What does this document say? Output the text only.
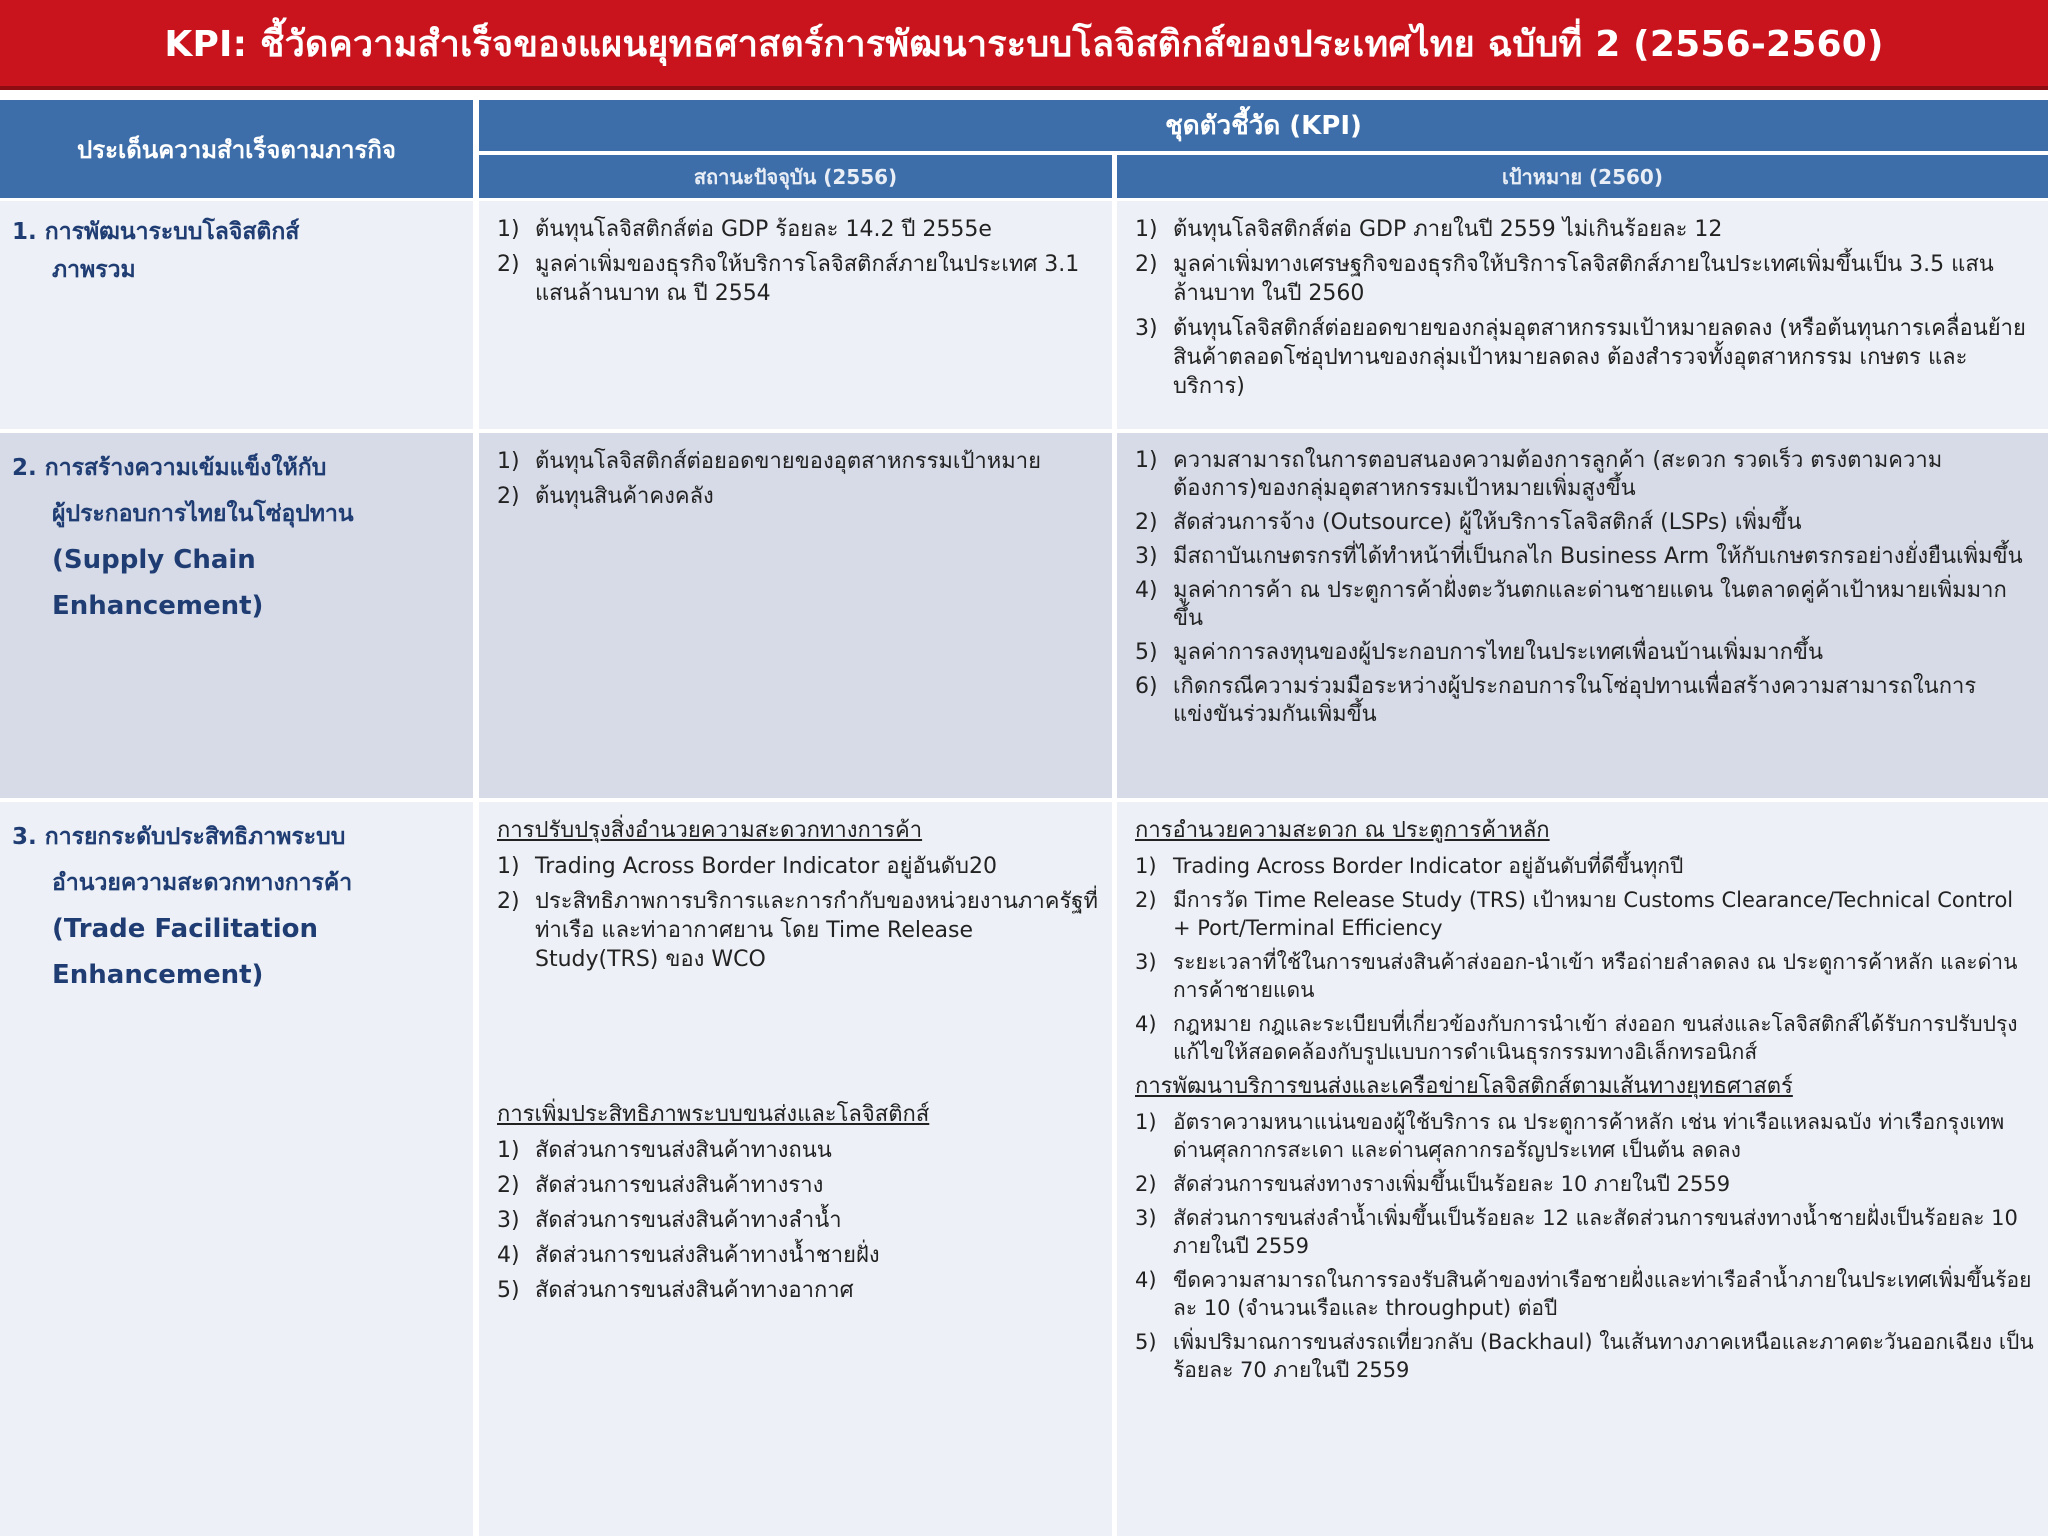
KPI: ชี้วัดความสำเร็จของแผนยุทธศาสตร์การพัฒนาระบบโลจิสติกส์ของประเทศไทย ฉบับที่ 2 (2556-2560)
ประเด็นความสำเร็จตามภารกิจ
ชุดตัวชี้วัด (KPI)
สถานะปัจจุบัน (2556)	เป้าหมาย (2560)
1. การพัฒนาระบบโลจิสติกส์
ภาพรวม
1) ต้นทุนโลจิสติกส์ต่อ GDP ร้อยละ 14.2 ปี 2555e
2) มูลค่าเพิ่มของธุรกิจให้บริการโลจิสติกส์ภายในประเทศ 3.1 แสนล้านบาท ณ ปี 2554
1) ต้นทุนโลจิสติกส์ต่อ GDP ภายในปี 2559 ไม่เกินร้อยละ 12
2) มูลค่าเพิ่มทางเศรษฐกิจของธุรกิจให้บริการโลจิสติกส์ภายในประเทศเพิ่มขึ้นเป็น 3.5 แสนล้านบาท ในปี 2560
3) ต้นทุนโลจิสติกส์ต่อยอดขายของกลุ่มอุตสาหกรรมเป้าหมายลดลง (หรือต้นทุนการเคลื่อนย้ายสินค้าตลอดโซ่อุปทานของกลุ่มเป้าหมายลดลง ต้องสำรวจทั้งอุตสาหกรรม เกษตร และบริการ)
2. การสร้างความเข้มแข็งให้กับ
ผู้ประกอบการไทยในโซ่อุปทาน
(Supply Chain
Enhancement)
1) ต้นทุนโลจิสติกส์ต่อยอดขายของอุตสาหกรรมเป้าหมาย
2) ต้นทุนสินค้าคงคลัง
1) ความสามารถในการตอบสนองความต้องการลูกค้า (สะดวก รวดเร็ว ตรงตามความต้องการ)ของกลุ่มอุตสาหกรรมเป้าหมายเพิ่มสูงขึ้น
2) สัดส่วนการจ้าง (Outsource) ผู้ให้บริการโลจิสติกส์ (LSPs) เพิ่มขึ้น
3) มีสถาบันเกษตรกรที่ได้ทำหน้าที่เป็นกลไก Business Arm ให้กับเกษตรกรอย่างยั่งยืนเพิ่มขึ้น
4) มูลค่าการค้า ณ ประตูการค้าฝั่งตะวันตกและด่านชายแดน ในตลาดคู่ค้าเป้าหมายเพิ่มมากขึ้น
5) มูลค่าการลงทุนของผู้ประกอบการไทยในประเทศเพื่อนบ้านเพิ่มมากขึ้น
6) เกิดกรณีความร่วมมือระหว่างผู้ประกอบการในโซ่อุปทานเพื่อสร้างความสามารถในการแข่งขันร่วมกันเพิ่มขึ้น
3. การยกระดับประสิทธิภาพระบบ
อำนวยความสะดวกทางการค้า
(Trade Facilitation
Enhancement)
การปรับปรุงสิ่งอำนวยความสะดวกทางการค้า
1) Trading Across Border Indicator อยู่อันดับ20
2) ประสิทธิภาพการบริการและการกำกับของหน่วยงานภาครัฐที่ท่าเรือ และท่าอากาศยาน โดย Time Release Study(TRS) ของ WCO
การเพิ่มประสิทธิภาพระบบขนส่งและโลจิสติกส์
1) สัดส่วนการขนส่งสินค้าทางถนน
2) สัดส่วนการขนส่งสินค้าทางราง
3) สัดส่วนการขนส่งสินค้าทางลำน้ำ
4) สัดส่วนการขนส่งสินค้าทางน้ำชายฝั่ง
5) สัดส่วนการขนส่งสินค้าทางอากาศ
การอำนวยความสะดวก ณ ประตูการค้าหลัก
1) Trading Across Border Indicator อยู่อันดับที่ดีขึ้นทุกปี
2) มีการวัด Time Release Study (TRS) เป้าหมาย Customs Clearance/Technical Control + Port/Terminal Efficiency
3) ระยะเวลาที่ใช้ในการขนส่งสินค้าส่งออก-นำเข้า หรือถ่ายลำลดลง ณ ประตูการค้าหลัก และด่านการค้าชายแดน
4) กฎหมาย กฎและระเบียบที่เกี่ยวข้องกับการนำเข้า ส่งออก ขนส่งและโลจิสติกส์ได้รับการปรับปรุงแก้ไขให้สอดคล้องกับรูปแบบการดำเนินธุรกรรมทางอิเล็กทรอนิกส์
การพัฒนาบริการขนส่งและเครือข่ายโลจิสติกส์ตามเส้นทางยุทธศาสตร์
1) อัตราความหนาแน่นของผู้ใช้บริการ ณ ประตูการค้าหลัก เช่น ท่าเรือแหลมฉบัง ท่าเรือกรุงเทพ ด่านศุลกากรสะเดา และด่านศุลกากรอรัญประเทศ เป็นต้น ลดลง
2) สัดส่วนการขนส่งทางรางเพิ่มขึ้นเป็นร้อยละ 10 ภายในปี 2559
3) สัดส่วนการขนส่งลำน้ำเพิ่มขึ้นเป็นร้อยละ 12 และสัดส่วนการขนส่งทางน้ำชายฝั่งเป็นร้อยละ 10 ภายในปี 2559
4) ขีดความสามารถในการรองรับสินค้าของท่าเรือชายฝั่งและท่าเรือลำน้ำภายในประเทศเพิ่มขึ้นร้อยละ 10 (จำนวนเรือและ throughput) ต่อปี
5) เพิ่มปริมาณการขนส่งรถเที่ยวกลับ (Backhaul) ในเส้นทางภาคเหนือและภาคตะวันออกเฉียง เป็นร้อยละ 70 ภายในปี 2559
